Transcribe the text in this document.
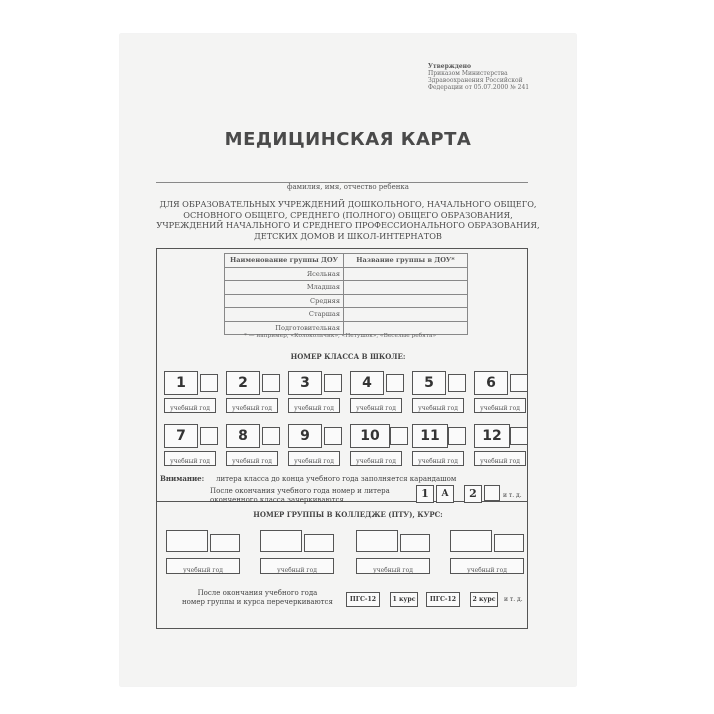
Утверждено
Приказом Министерства
Здравоохранения Российской
Федерации от 05.07.2000 № 241
МЕДИЦИНСКАЯ КАРТА
фамилия, имя, отчество ребенка
ДЛЯ ОБРАЗОВАТЕЛЬНЫХ УЧРЕЖДЕНИЙ ДОШКОЛЬНОГО, НАЧАЛЬНОГО ОБЩЕГО, ОСНОВНОГО ОБЩЕГО, СРЕДНЕГО (ПОЛНОГО) ОБЩЕГО ОБРАЗОВАНИЯ, УЧРЕЖДЕНИЙ НАЧАЛЬНОГО И СРЕДНЕГО ПРОФЕССИОНАЛЬНОГО ОБРАЗОВАНИЯ, ДЕТСКИХ ДОМОВ И ШКОЛ-ИНТЕРНАТОВ
Наименование группы ДОУ	Название группы в ДОУ*
Ясельная	
Младшая	
Средняя	
Старшая	
Подготовительная	
* — например, «Колокольчик», «Петушок», «Веселые ребята»
НОМЕР КЛАССА В ШКОЛЕ:
1
учебный год
2
учебный год
3
учебный год
4
учебный год
5
учебный год
6
учебный год
7
учебный год
8
учебный год
9
учебный год
10
учебный год
11
учебный год
12
учебный год
Внимание: литера класса до конца учебного года заполняется карандашом
После окончания учебного года номер и литера
оконченного класса зачеркиваются	1	А	2	и т. д.
НОМЕР ГРУППЫ В КОЛЛЕДЖЕ (ПТУ), КУРС:
учебный год	учебный год	учебный год	учебный год
После окончания учебного года
номер группы и курса перечеркиваются	ПГС-12	1 курс	ПГС-12	2 курс	и т. д.
